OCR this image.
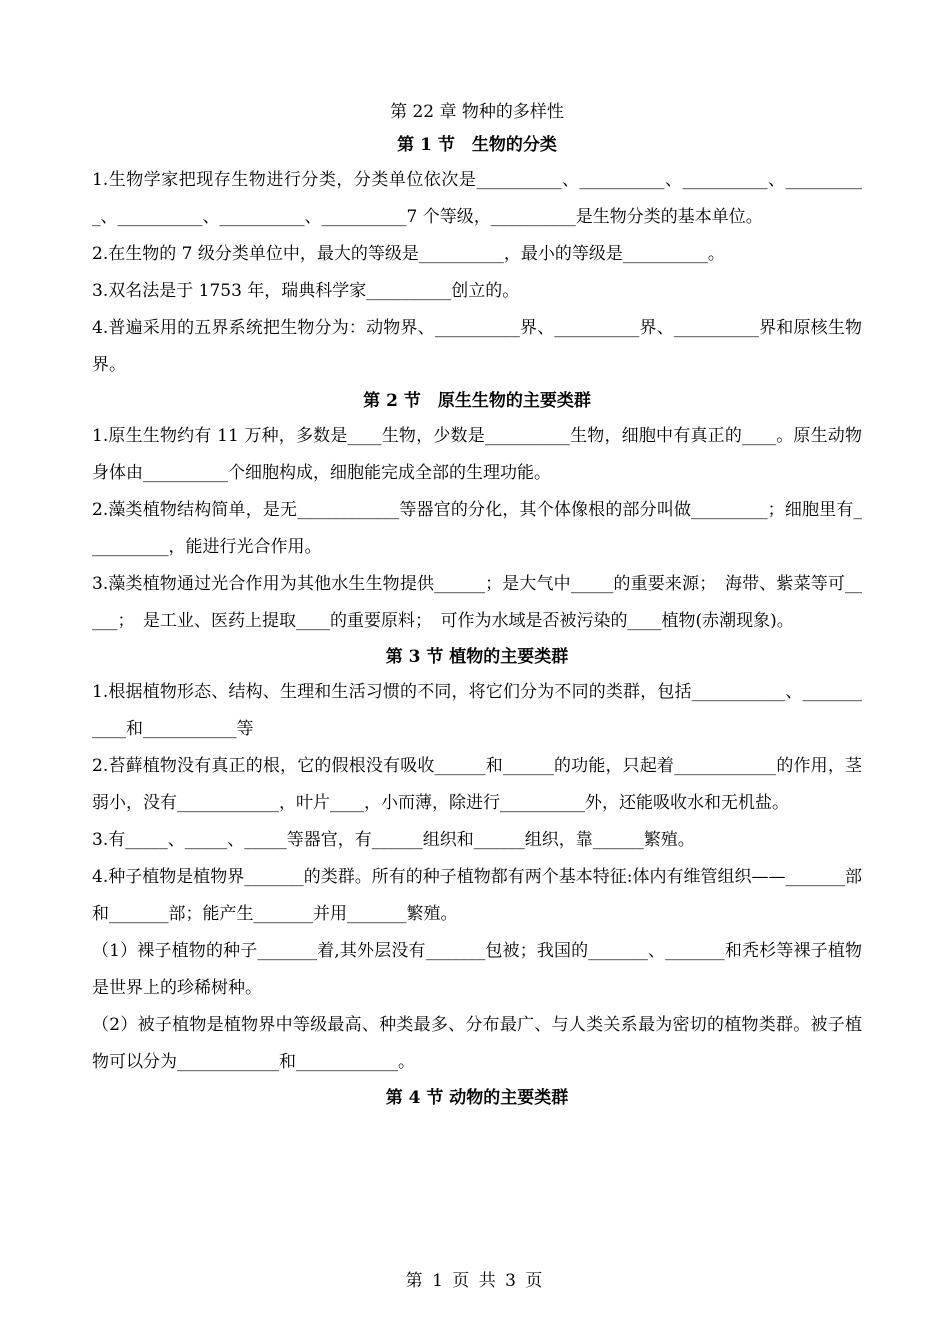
第 22 章 物种的多样性

第 1 节　生物的分类

1.生物学家把现存生物进行分类，分类单位依次是__________、__________、__________、__________、__________、__________、__________7 个等级，__________是生物分类的基本单位。

2.在生物的 7 级分类单位中，最大的等级是__________，最小的等级是__________。

3.双名法是于 1753 年，瑞典科学家__________创立的。

4.普遍采用的五界系统把生物分为：动物界、__________界、__________界、__________界和原核生物界。

第 2 节　原生生物的主要类群

1.原生生物约有 11 万种，多数是____生物，少数是__________生物，细胞中有真正的____。原生动物身体由__________个细胞构成，细胞能完成全部的生理功能。

2.藻类植物结构简单，是无____________等器官的分化，其个体像根的部分叫做_________；细胞里有__________，能进行光合作用。

3.藻类植物通过光合作用为其他水生生物提供______；是大气中_____的重要来源；　海带、紫菜等可_____；　是工业、医药上提取____的重要原料；　可作为水域是否被污染的____植物(赤潮现象)。

第 3 节 植物的主要类群

1.根据植物形态、结构、生理和生活习惯的不同，将它们分为不同的类群，包括___________、___________和___________等

2.苔藓植物没有真正的根，它的假根没有吸收______和______的功能，只起着____________的作用，茎弱小，没有____________，叶片____，小而薄，除进行__________外，还能吸收水和无机盐。

3.有_____、_____、_____等器官，有______组织和______组织，靠______繁殖。

4.种子植物是植物界_______的类群。所有的种子植物都有两个基本特征:体内有维管组织——_______部和_______部；能产生_______并用_______繁殖。

（1）裸子植物的种子_______着,其外层没有_______包被；我国的_______、_______和秃杉等裸子植物是世界上的珍稀树种。

（2）被子植物是植物界中等级最高、种类最多、分布最广、与人类关系最为密切的植物类群。被子植物可以分为____________和____________。

第 4 节 动物的主要类群

第 1 页 共 3 页
